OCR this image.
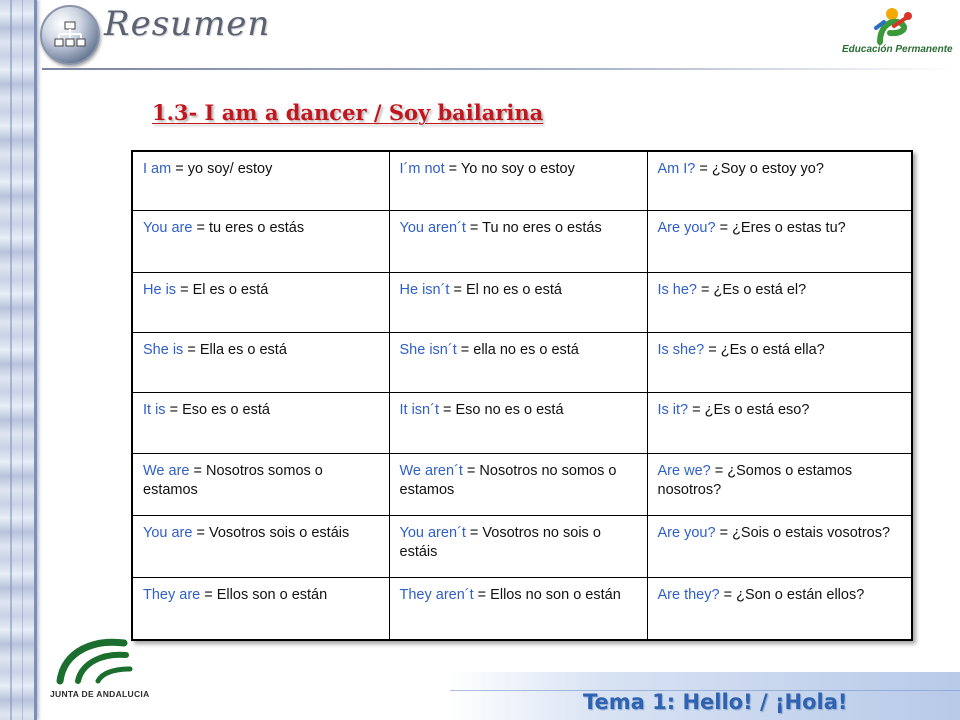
Resumen
Educación Permanente
1.3- I am a dancer / Soy bailarina
I am = yo soy/ estoy	I´m not = Yo no soy o estoy	Am I? = ¿Soy o estoy yo?
You are = tu eres o estás	You aren´t = Tu no eres o estás	Are you? = ¿Eres o estas tu?
He is = El es o está	He isn´t = El no es o está	Is he? = ¿Es o está el?
She is = Ella es o está	She isn´t = ella no es o está	Is she? = ¿Es o está ella?
It is = Eso es o está	It isn´t = Eso no es o está	Is it? = ¿Es o está eso?
We are = Nosotros somos o estamos	We aren´t = Nosotros no somos o estamos	Are we? = ¿Somos o estamos nosotros?
You are = Vosotros sois o estáis	You aren´t = Vosotros no sois o estáis	Are you? = ¿Sois o estais vosotros?
They are = Ellos son o están	They aren´t = Ellos no son o están	Are they? = ¿Son o están ellos?
JUNTA DE ANDALUCIA	Tema 1: Hello! / ¡Hola!
